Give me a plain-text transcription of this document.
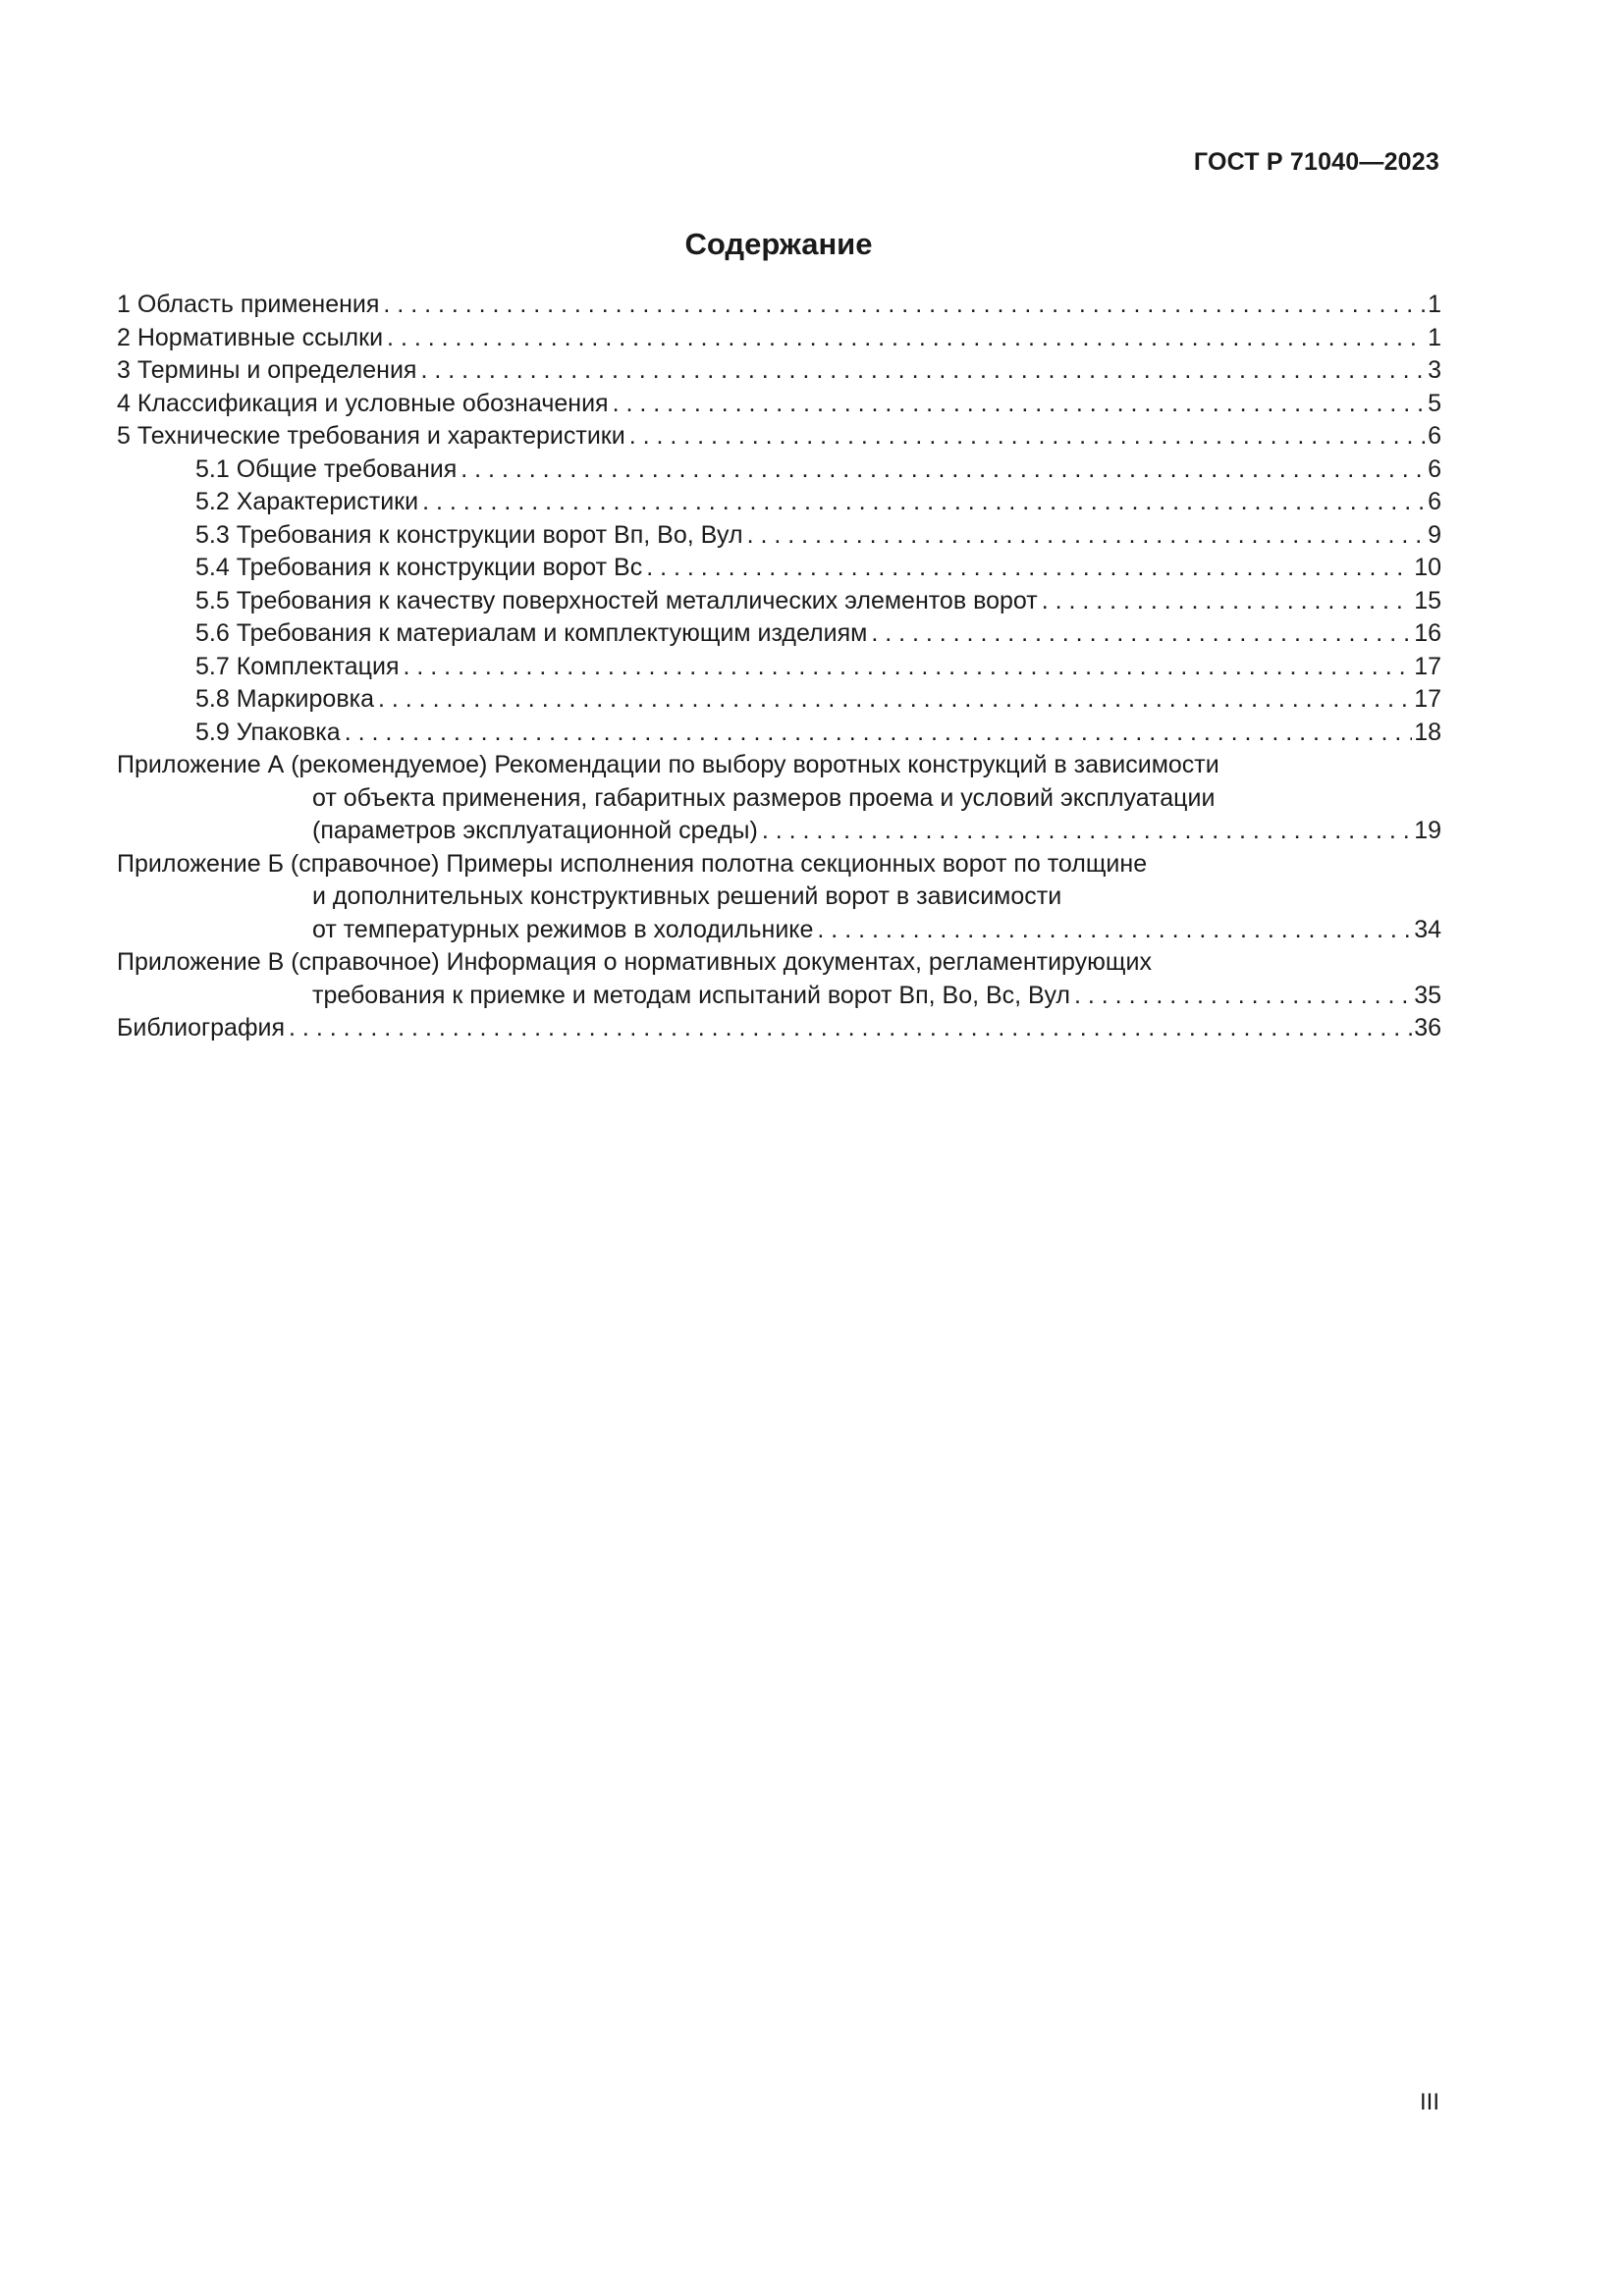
ГОСТ Р 71040—2023
Содержание
1 Область применения . . .	1
2 Нормативные ссылки . . .	1
3 Термины и определения . . .	3
4 Классификация и условные обозначения . . .	5
5 Технические требования и характеристики . . .	6
5.1 Общие требования . . .	6
5.2 Характеристики . . .	6
5.3 Требования к конструкции ворот Вп, Во, Вул . . .	9
5.4 Требования к конструкции ворот Вс . . .	10
5.5 Требования к качеству поверхностей металлических элементов ворот . . .	15
5.6 Требования к материалам и комплектующим изделиям . . .	16
5.7 Комплектация . . .	17
5.8 Маркировка . . .	17
5.9 Упаковка . . .	18
Приложение А (рекомендуемое) Рекомендации по выбору воротных конструкций в зависимости
от объекта применения, габаритных размеров проема и условий эксплуатации
(параметров эксплуатационной среды) . . .	19
Приложение Б (справочное) Примеры исполнения полотна секционных ворот по толщине
и дополнительных конструктивных решений ворот в зависимости
от температурных режимов в холодильнике . . .	34
Приложение В (справочное) Информация о нормативных документах, регламентирующих
требования к приемке и методам испытаний ворот Вп, Во, Вс, Вул . . .	35
Библиография . . .	36
III
